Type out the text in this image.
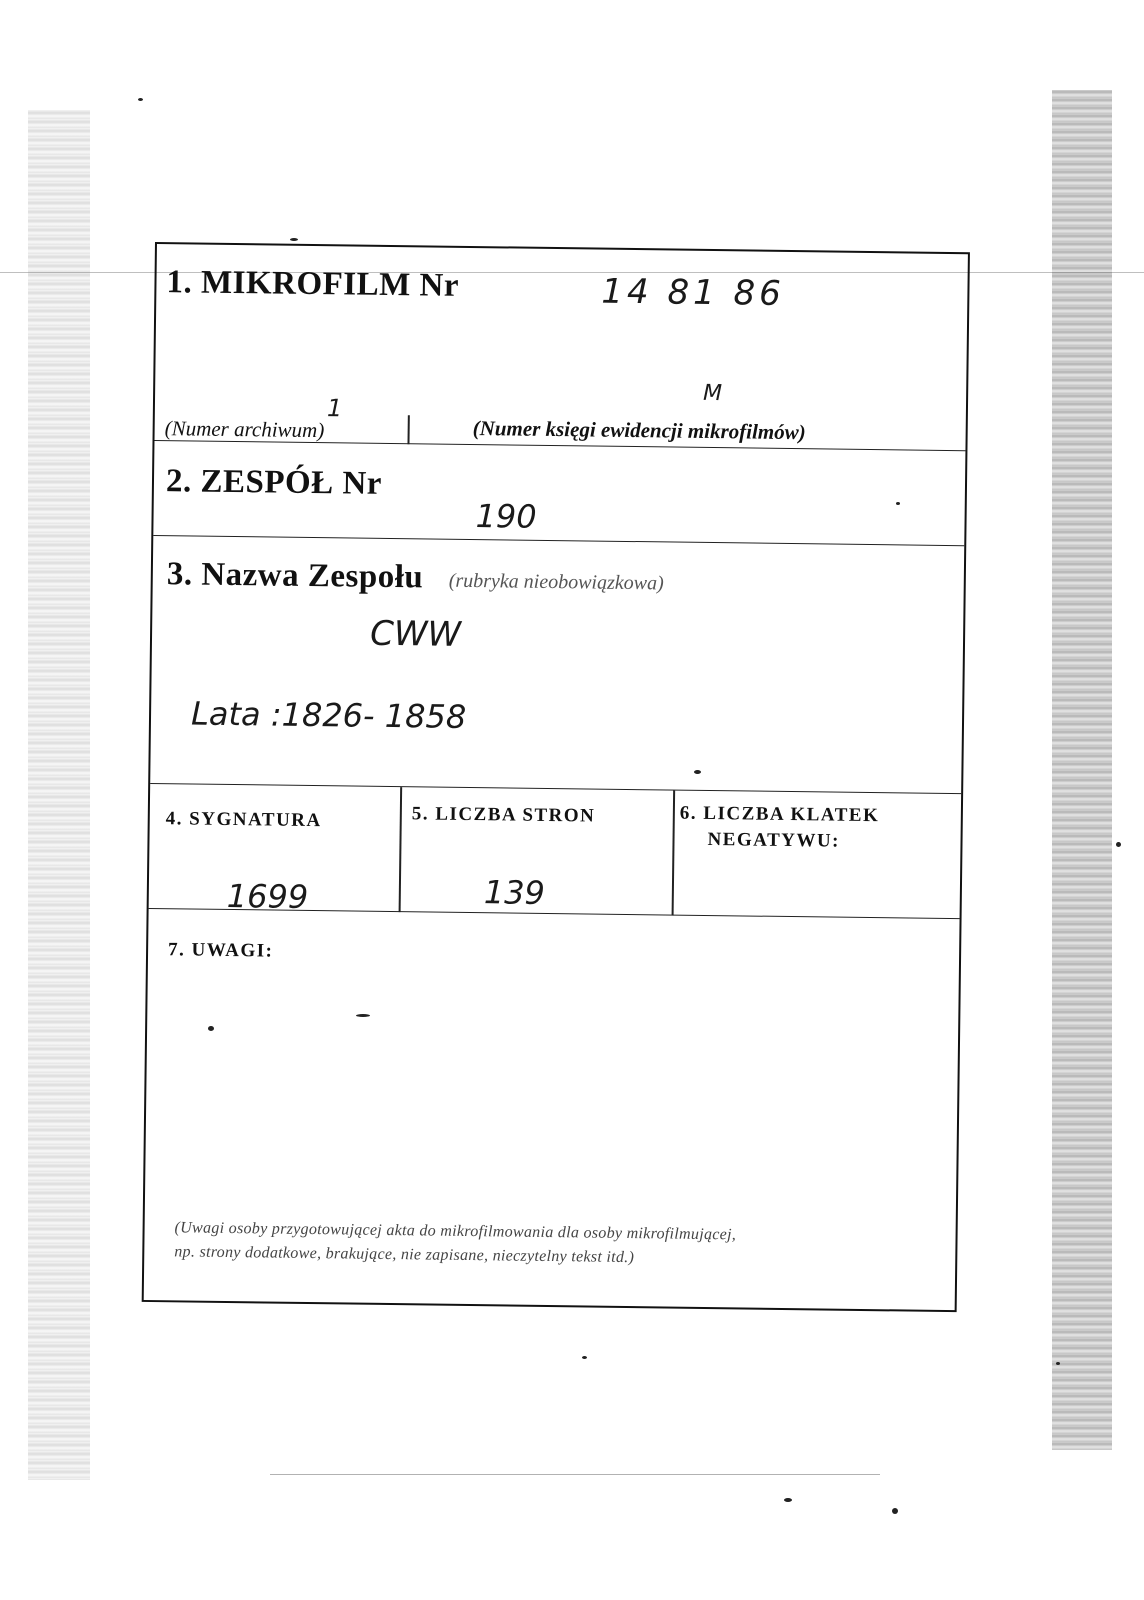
1. MIKROFILM Nr	14 81 86
1
M
(Numer archiwum)	(Numer księgi ewidencji mikrofilmów)
2. ZESPÓŁ Nr
190
3. Nazwa Zespołu (rubryka nieobowiązkowa)
CWW
Lata :1826- 1858
4. SYGNATURA
1699
5. LICZBA STRON
139
6. LICZBA KLATEK
NEGATYWU:
7. UWAGI:
(Uwagi osoby przygotowującej akta do mikrofilmowania dla osoby mikrofilmującej,
np. strony dodatkowe, brakujące, nie zapisane, nieczytelny tekst itd.)
